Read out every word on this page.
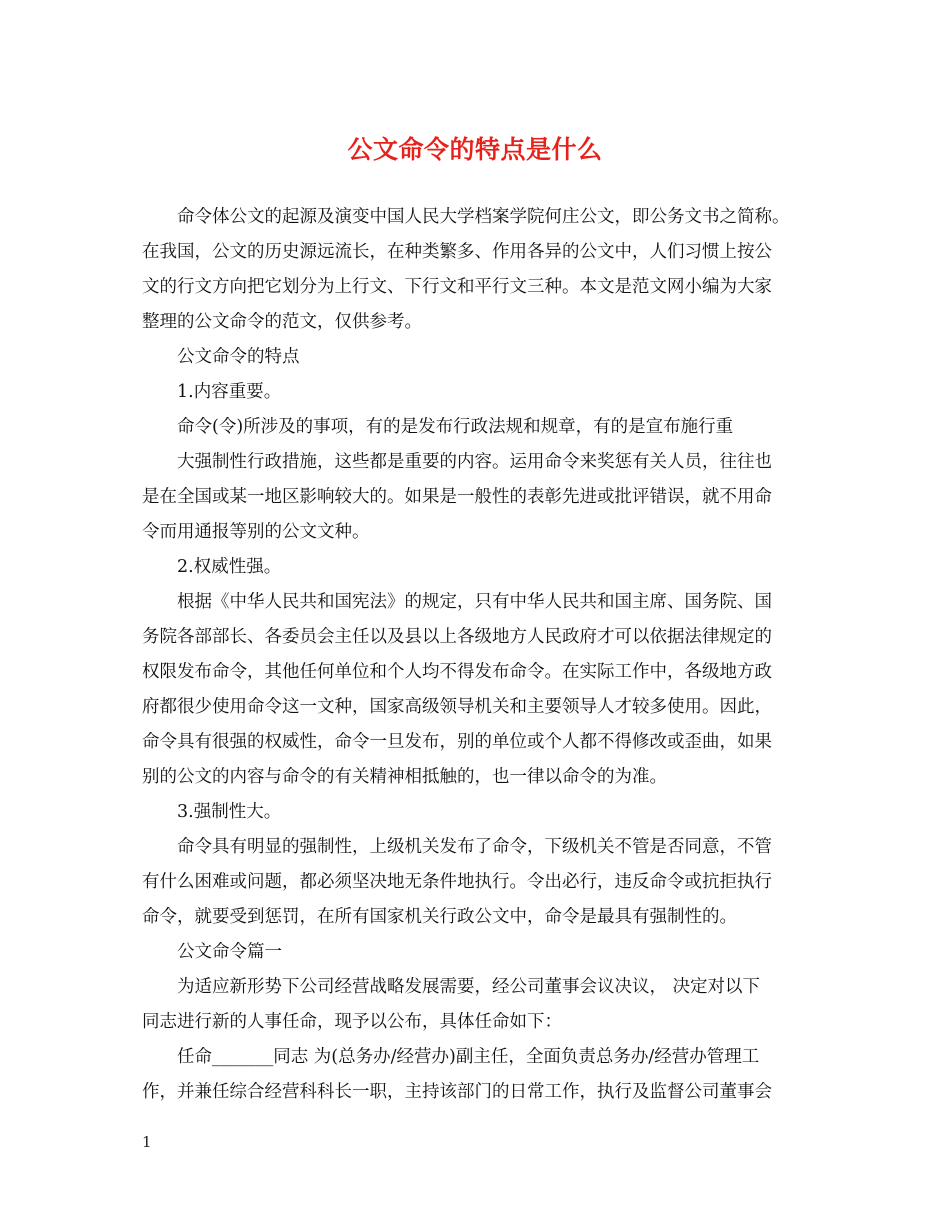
公文命令的特点是什么
命令体公文的起源及演变中国人民大学档案学院何庄公文，即公务文书之简称。
在我国，公文的历史源远流长，在种类繁多、作用各异的公文中，人们习惯上按公
文的行文方向把它划分为上行文、下行文和平行文三种。本文是范文网小编为大家
整理的公文命令的范文，仅供参考。
公文命令的特点
1.内容重要。
命令(令)所涉及的事项，有的是发布行政法规和规章，有的是宣布施行重
大强制性行政措施，这些都是重要的内容。运用命令来奖惩有关人员，往往也
是在全国或某一地区影响较大的。如果是一般性的表彰先进或批评错误，就不用命
令而用通报等别的公文文种。
2.权威性强。
根据《中华人民共和国宪法》的规定，只有中华人民共和国主席、国务院、国
务院各部部长、各委员会主任以及县以上各级地方人民政府才可以依据法律规定的
权限发布命令，其他任何单位和个人均不得发布命令。在实际工作中，各级地方政
府都很少使用命令这一文种，国家高级领导机关和主要领导人才较多使用。因此，
命令具有很强的权威性，命令一旦发布，别的单位或个人都不得修改或歪曲，如果
别的公文的内容与命令的有关精神相抵触的，也一律以命令的为准。
3.强制性大。
命令具有明显的强制性，上级机关发布了命令，下级机关不管是否同意，不管
有什么困难或问题，都必须坚决地无条件地执行。令出必行，违反命令或抗拒执行
命令，就要受到惩罚，在所有国家机关行政公文中，命令是最具有强制性的。
公文命令篇一
为适应新形势下公司经营战略发展需要，经公司董事会议决议， 决定对以下
同志进行新的人事任命，现予以公布，具体任命如下：
任命_______同志 为(总务办/经营办)副主任，全面负责总务办/经营办管理工
作，并兼任综合经营科科长一职，主持该部门的日常工作，执行及监督公司董事会
1
